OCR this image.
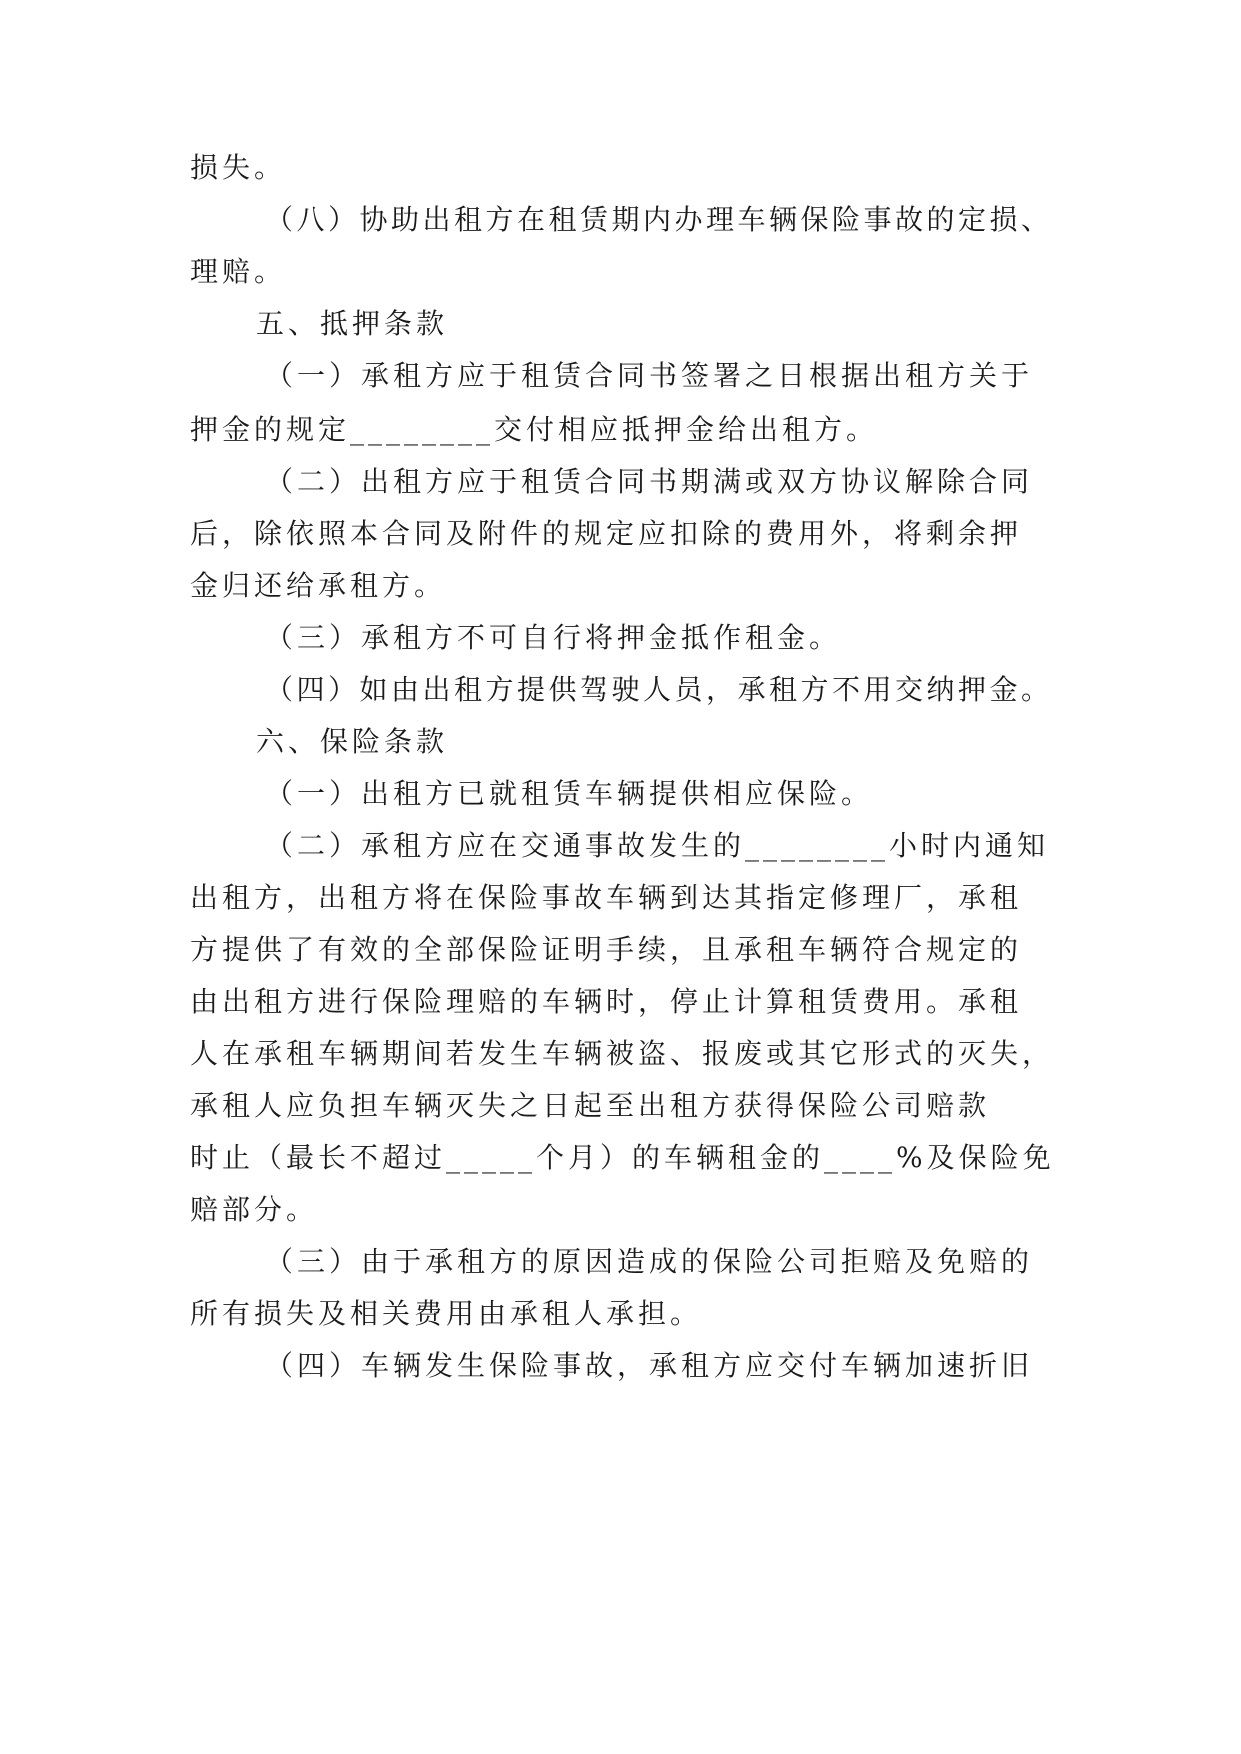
损失。
（八）协助出租方在租赁期内办理车辆保险事故的定损、
理赔。
五、抵押条款
（一）承租方应于租赁合同书签署之日根据出租方关于
押金的规定________交付相应抵押金给出租方。
（二）出租方应于租赁合同书期满或双方协议解除合同
后，除依照本合同及附件的规定应扣除的费用外，将剩余押
金归还给承租方。
（三）承租方不可自行将押金抵作租金。
（四）如由出租方提供驾驶人员，承租方不用交纳押金。
六、保险条款
（一）出租方已就租赁车辆提供相应保险。
（二）承租方应在交通事故发生的________小时内通知
出租方，出租方将在保险事故车辆到达其指定修理厂，承租
方提供了有效的全部保险证明手续，且承租车辆符合规定的
由出租方进行保险理赔的车辆时，停止计算租赁费用。承租
人在承租车辆期间若发生车辆被盗、报废或其它形式的灭失，
承租人应负担车辆灭失之日起至出租方获得保险公司赔款
时止（最长不超过_____个月）的车辆租金的____%及保险免
赔部分。
（三）由于承租方的原因造成的保险公司拒赔及免赔的
所有损失及相关费用由承租人承担。
（四）车辆发生保险事故，承租方应交付车辆加速折旧
